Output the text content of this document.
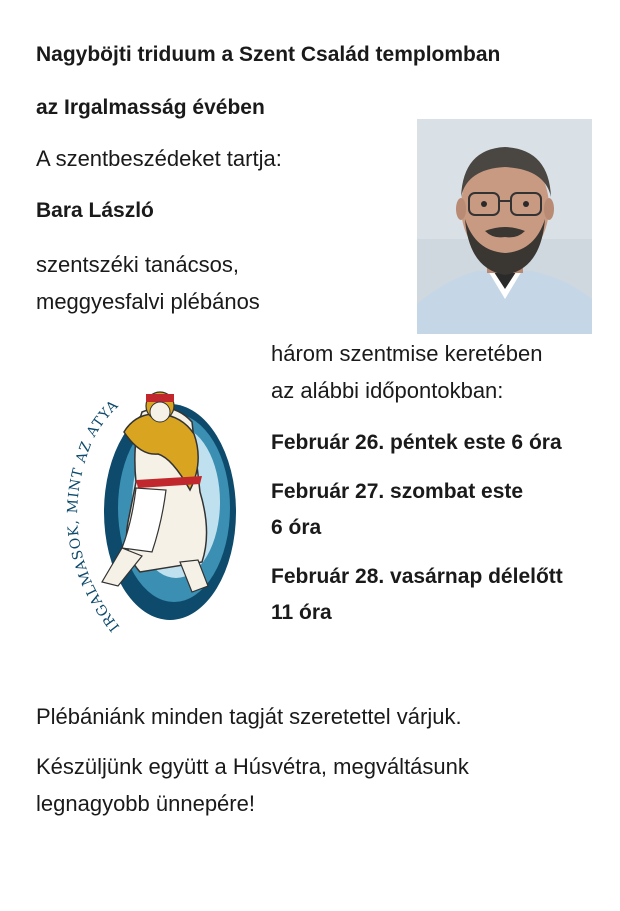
Nagyböjti triduum a Szent Család templomban

az Irgalmasság évében

A szentbeszédeket tartja:

Bara László

szentszéki tanácsos,

meggyesfalvi plébános

három szentmise keretében

az alábbi időpontokban:

Február 26. péntek este 6 óra

Február 27. szombat este

6 óra

Február 28. vasárnap délelőtt

11 óra

IRGALMASOK, MINT AZ ATYA

Plébániánk minden tagját szeretettel várjuk.

Készüljünk együtt a Húsvétra, megváltásunk

legnagyobb ünnepére!
